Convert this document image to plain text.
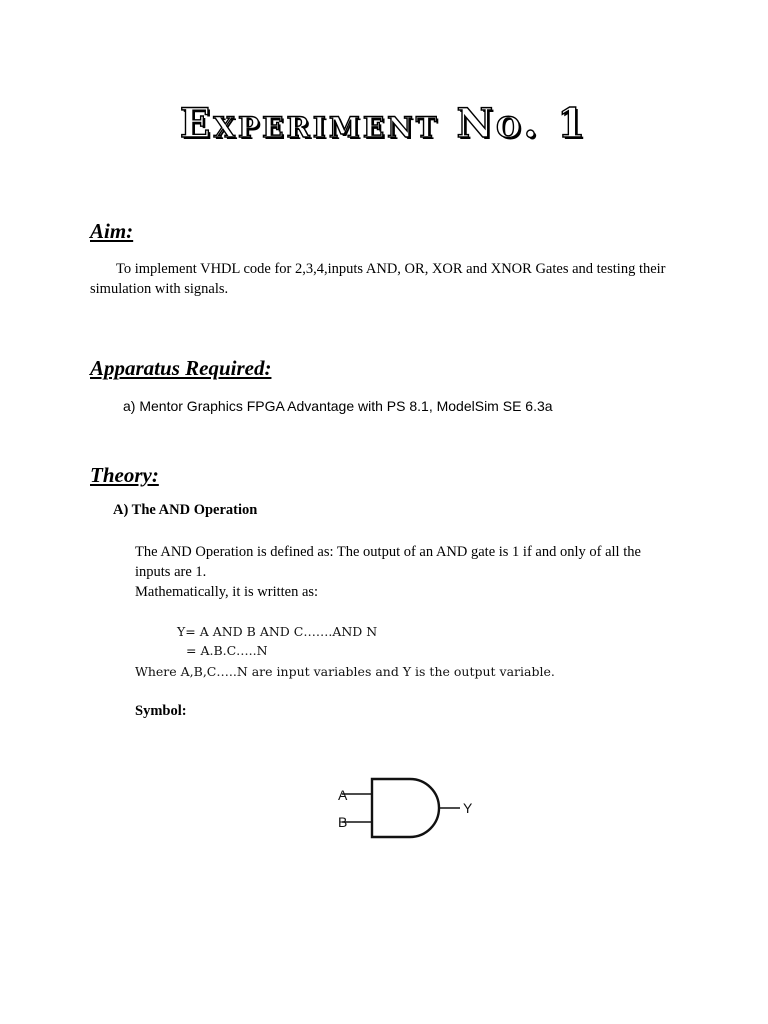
Experiment No. 1
Aim:

To implement VHDL code for 2,3,4,inputs AND, OR, XOR and XNOR Gates and testing their simulation with signals.

Apparatus Required:

a) Mentor Graphics FPGA Advantage with PS 8.1, ModelSim SE 6.3a

Theory:

A) The AND Operation

The AND Operation is defined as: The output of an AND gate is 1 if and only of all the inputs are 1.

Mathematically, it is written as:

Y= A AND B AND C…….AND N

= A.B.C…..N

Where A,B,C…..N are input variables and Y is the output variable.

Symbol:

A
B
Y
